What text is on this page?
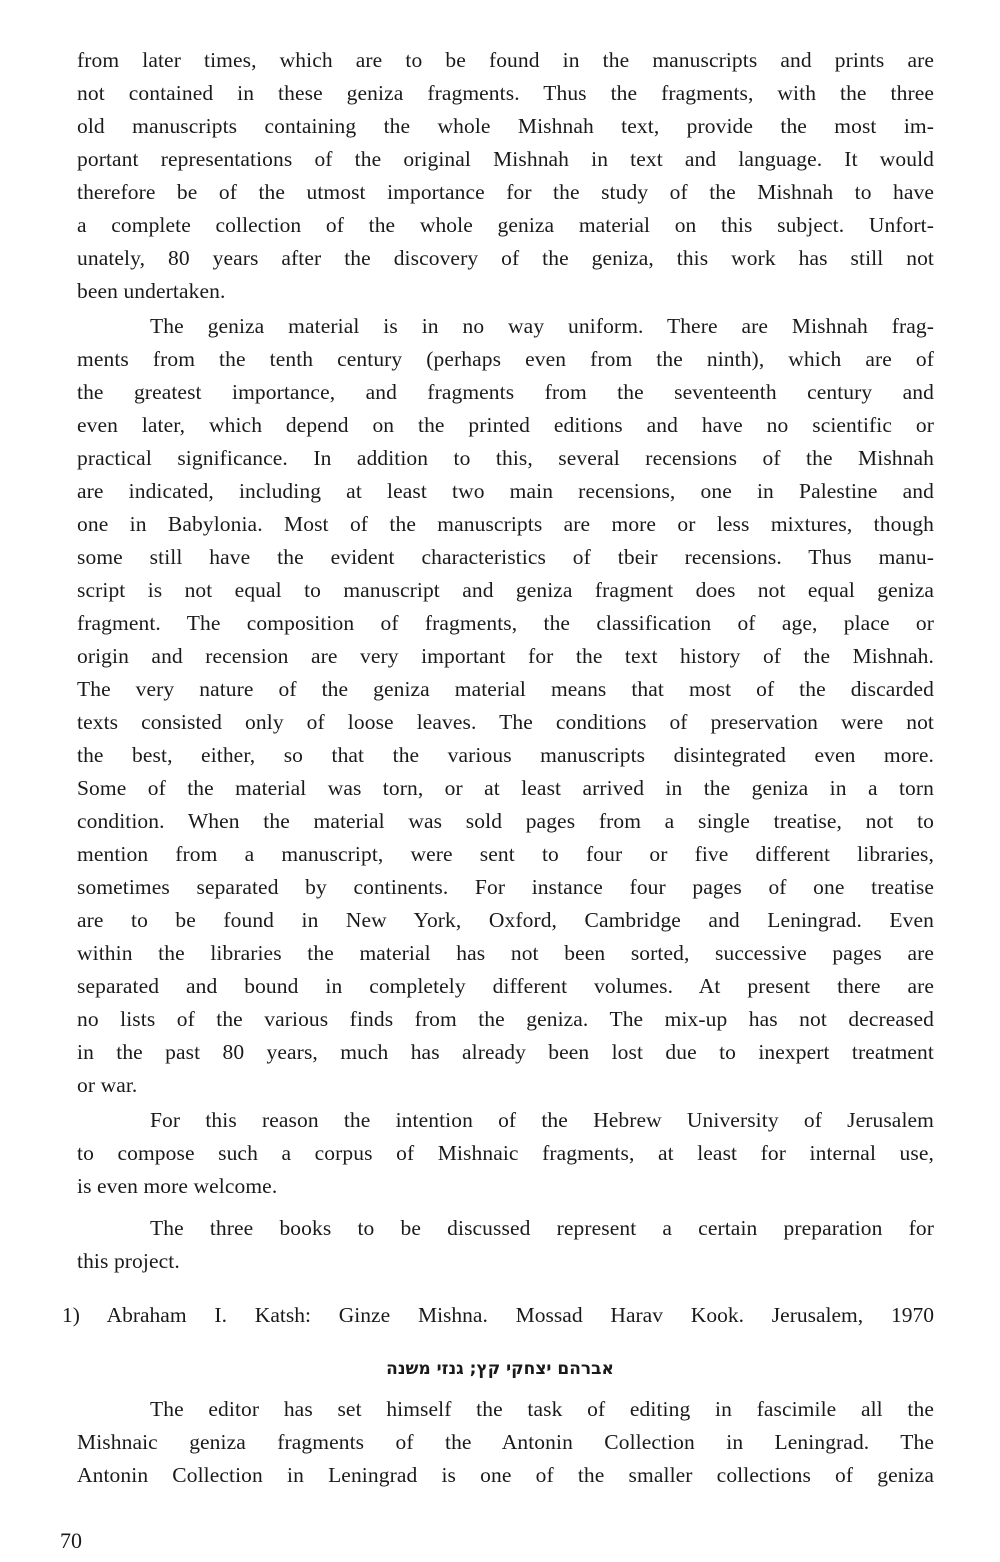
from later times, which are to be found in the manuscripts and prints are
not contained in these geniza fragments. Thus the fragments, with the three
old manuscripts containing the whole Mishnah text, provide the most im-
portant representations of the original Mishnah in text and language. It would
therefore be of the utmost importance for the study of the Mishnah to have
a complete collection of the whole geniza material on this subject. Unfort-
unately, 80 years after the discovery of the geniza, this work has still not
been undertaken.
The geniza material is in no way uniform. There are Mishnah frag-
ments from the tenth century (perhaps even from the ninth), which are of
the greatest importance, and fragments from the seventeenth century and
even later, which depend on the printed editions and have no scientific or
practical significance. In addition to this, several recensions of the Mishnah
are indicated, including at least two main recensions, one in Palestine and
one in Babylonia. Most of the manuscripts are more or less mixtures, though
some still have the evident characteristics of tbeir recensions. Thus manu-
script is not equal to manuscript and geniza fragment does not equal geniza
fragment. The composition of fragments, the classification of age, place or
origin and recension are very important for the text history of the Mishnah.
The very nature of the geniza material means that most of the discarded
texts consisted only of loose leaves. The conditions of preservation were not
the best, either, so that the various manuscripts disintegrated even more.
Some of the material was torn, or at least arrived in the geniza in a torn
condition. When the material was sold pages from a single treatise, not to
mention from a manuscript, were sent to four or five different libraries,
sometimes separated by continents. For instance four pages of one treatise
are to be found in New York, Oxford, Cambridge and Leningrad. Even
within the libraries the material has not been sorted, successive pages are
separated and bound in completely different volumes. At present there are
no lists of the various finds from the geniza. The mix-up has not decreased
in the past 80 years, much has already been lost due to inexpert treatment
or war.
For this reason the intention of the Hebrew University of Jerusalem
to compose such a corpus of Mishnaic fragments, at least for internal use,
is even more welcome.
The three books to be discussed represent a certain preparation for
this project.
1) Abraham I. Katsh: Ginze Mishna. Mossad Harav Kook. Jerusalem, 1970
אברהם יצחקי קץ; גנזי משנה
The editor has set himself the task of editing in fascimile all the
Mishnaic geniza fragments of the Antonin Collection in Leningrad. The
Antonin Collection in Leningrad is one of the smaller collections of geniza
70
